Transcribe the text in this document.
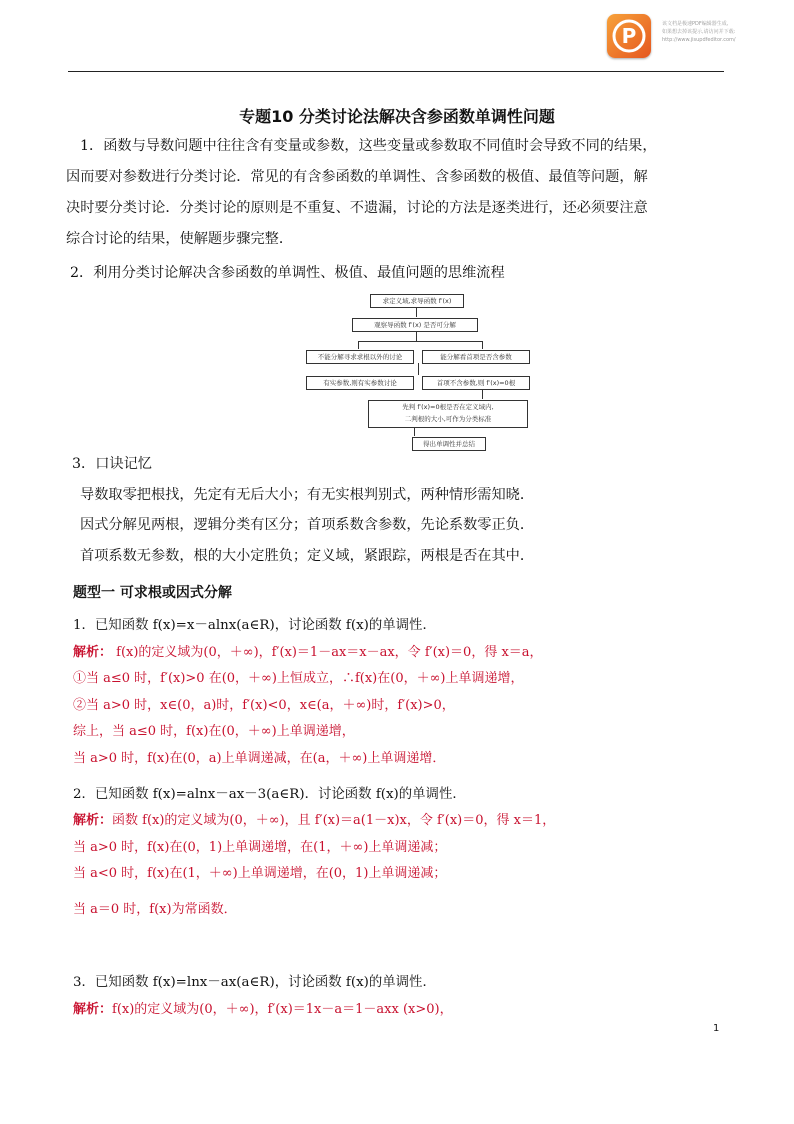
P	该文档是极速PDF编辑器生成,
如果想去掉该提示,请访问并下载:
http://www.jisupdfeditor.com/
专题10 分类讨论法解决含参函数单调性问题
1．函数与导数问题中往往含有变量或参数，这些变量或参数取不同值时会导致不同的结果，
因而要对参数进行分类讨论．常见的有含参函数的单调性、含参函数的极值、最值等问题，解
决时要分类讨论．分类讨论的原则是不重复、不遗漏，讨论的方法是逐类进行，还必须要注意
综合讨论的结果，使解题步骤完整．
2．利用分类讨论解决含参函数的单调性、极值、最值问题的思维流程
求定义域,求导函数 f′(x)
观察导函数 f′(x) 是否可分解
不能分解寻求求根以外的讨论	能分解看首项是否含参数
有实参数,则有实参数讨论	首项不含参数,则 f′(x)=0根
先判 f′(x)=0根是否在定义域内,
二判根的大小,可作为分类标准
得出单调性并总结
3．口诀记忆
导数取零把根找，先定有无后大小；有无实根判别式，两种情形需知晓．
因式分解见两根，逻辑分类有区分；首项系数含参数，先论系数零正负．
首项系数无参数，根的大小定胜负；定义域，紧跟踪，两根是否在其中．
题型一 可求根或因式分解
1．已知函数 f(x)=x－alnx(a∈R)，讨论函数 f(x)的单调性．
解析： f(x)的定义域为(0，＋∞)，f′(x)＝1－ax＝x－ax，令 f′(x)＝0，得 x＝a，
①当 a≤0 时，f′(x)>0 在(0，＋∞)上恒成立，∴f(x)在(0，＋∞)上单调递增，
②当 a>0 时，x∈(0，a)时，f′(x)<0，x∈(a，＋∞)时，f′(x)>0，
综上，当 a≤0 时，f(x)在(0，＋∞)上单调递增，
当 a>0 时，f(x)在(0，a)上单调递减，在(a，＋∞)上单调递增．
2．已知函数 f(x)=alnx－ax－3(a∈R)．讨论函数 f(x)的单调性．
解析：函数 f(x)的定义域为(0，＋∞)，且 f′(x)＝a(1－x)x，令 f′(x)＝0，得 x＝1，
当 a>0 时，f(x)在(0，1)上单调递增，在(1，＋∞)上单调递减；
当 a<0 时，f(x)在(1，＋∞)上单调递增，在(0，1)上单调递减；
当 a＝0 时，f(x)为常函数．
3．已知函数 f(x)=lnx－ax(a∈R)，讨论函数 f(x)的单调性．
解析：f(x)的定义域为(0，＋∞)，f′(x)＝1x－a＝1－axx (x>0)，
1
